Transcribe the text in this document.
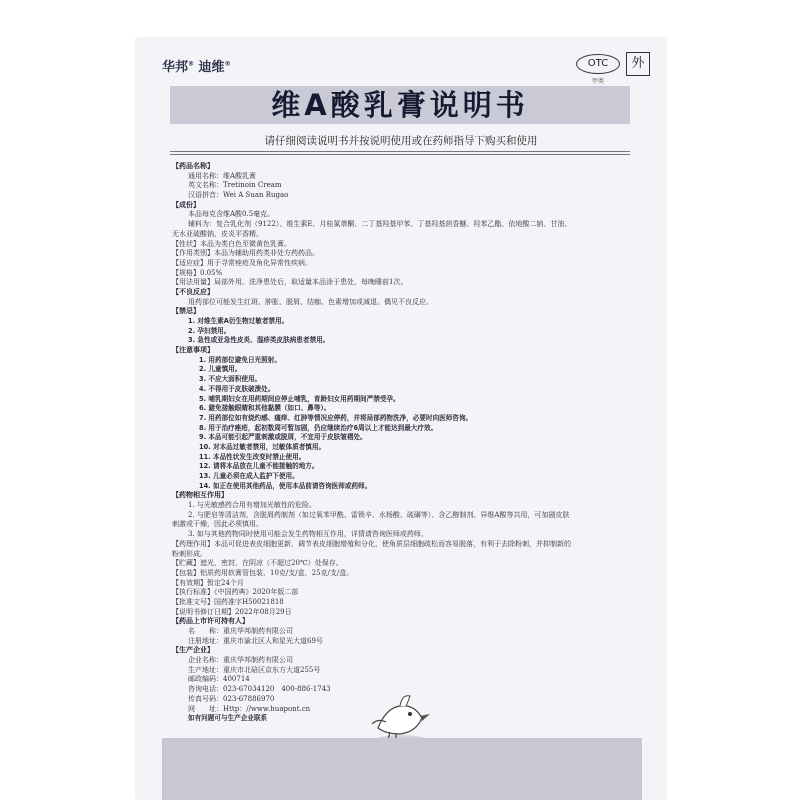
华邦® 迪维®	OTC
甲类
外
维A酸乳膏说明书
请仔细阅读说明书并按说明使用或在药师指导下购买和使用
【药品名称】
通用名称：维A酸乳膏
英文名称：Tretinoin Cream
汉语拼音：Wei A Suan Rugao
【成份】
本品每克含维A酸0.5毫克。
辅料为：复合乳化剂（9122）、维生素E、月桂氮䓬酮、二丁基羟基甲苯、丁基羟基茴香醚、羟苯乙酯、依地酸二钠、甘油、
无水亚硫酸钠、皮炎平香精。
【性状】本品为类白色至微黄色乳膏。
【作用类别】本品为辅助用药类非处方药药品。
【适应症】用于寻常痤疮及角化异常性疾病。
【规格】0.05%
【用法用量】局部外用。洗净患处后，取适量本品涂于患处，每晚睡前1次。
【不良反应】
用药部位可能发生红斑、肿胀、脱屑、结痂、色素增加或减退。偶见不良反应。
【禁忌】
1. 对维生素A衍生物过敏者禁用。
2. 孕妇禁用。
3. 急性或亚急性皮炎、湿疹类皮肤病患者禁用。
【注意事项】
1. 用药部位避免日光照射。
2. 儿童慎用。
3. 不应大面积使用。
4. 不得用于皮肤破溃处。
5. 哺乳期妇女在用药期间应停止哺乳，育龄妇女用药期间严禁受孕。
6. 避免接触眼睛和其他黏膜（如口、鼻等）。
7. 用药部位如有烧灼感、瘙痒、红肿等情况应停药，并将局部药物洗净，必要时向医师咨询。
8. 用于治疗痤疮，起初数周可暂加剧，仍应继续治疗6周以上才能达到最大疗效。
9. 本品可能引起严重刺激或脱屑，不宜用于皮肤皱褶处。
10. 对本品过敏者禁用，过敏体质者慎用。
11. 本品性状发生改变时禁止使用。
12. 请将本品放在儿童不能接触的地方。
13. 儿童必须在成人监护下使用。
14. 如正在使用其他药品，使用本品前请咨询医师或药师。
【药物相互作用】
1. 与光敏感药合用有增加光敏性的危险。
2. 与肥皂等清洁剂、含脱屑药制剂（如过氧苯甲酰、雷锁辛、水杨酸、硫磺等）、含乙醇制剂、异维A酸等共用，可加剧皮肤
刺激或干燥，因此必须慎用。
3. 如与其他药物同时使用可能会发生药物相互作用，详情请咨询医师或药师。
【药理作用】本品可促进表皮细胞更新，调节表皮细胞增殖和分化，使角质层细胞疏松而容易脱落，有利于去除粉刺，并抑制新的
粉刺形成。
【贮藏】遮光，密封，在阴凉（不超过20℃）处保存。
【包装】铝质药用软膏管包装，10克/支/盒，25克/支/盒。
【有效期】暂定24个月
【执行标准】《中国药典》2020年版二部
【批准文号】国药准字H50021818
【说明书修订日期】2022年08月29日
【药品上市许可持有人】
名　　称：重庆华邦制药有限公司
注册地址：重庆市渝北区人和星光大道69号
【生产企业】
企业名称：重庆华邦制药有限公司
生产地址：重庆市北碚区京东方大道255号
邮政编码：400714
咨询电话：023-67034120　400-886-1743
传真号码：023-67886970
网　　址：Http：//www.huapont.cn
如有问题可与生产企业联系
